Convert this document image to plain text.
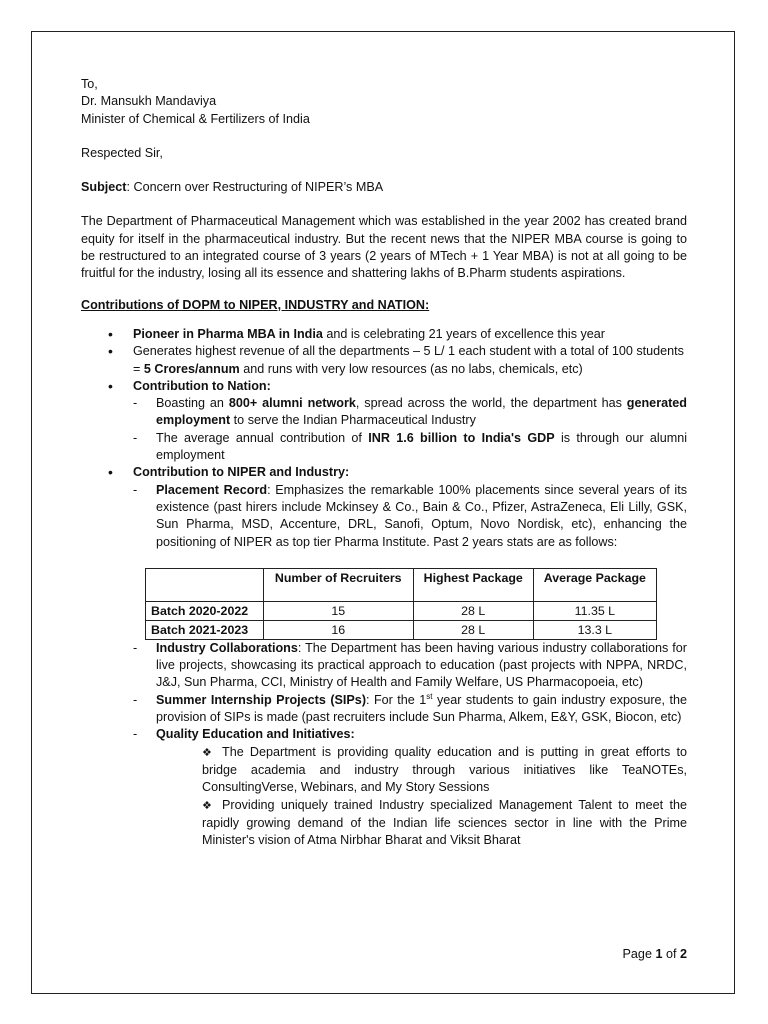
To,

Dr. Mansukh Mandaviya

Minister of Chemical & Fertilizers of India

Respected Sir,

Subject: Concern over Restructuring of NIPER’s MBA

The Department of Pharmaceutical Management which was established in the year 2002 has created brand equity for itself in the pharmaceutical industry. But the recent news that the NIPER MBA course is going to be restructured to an integrated course of 3 years (2 years of MTech + 1 Year MBA) is not at all going to be fruitful for the industry, losing all its essence and shattering lakhs of B.Pharm students aspirations.

Contributions of DOPM to NIPER, INDUSTRY and NATION:

• Pioneer in Pharma MBA in India and is celebrating 21 years of excellence this year
• Generates highest revenue of all the departments – 5 L/ 1 each student with a total of 100 students = 5 Crores/annum and runs with very low resources (as no labs, chemicals, etc)
• Contribution to Nation:
- Boasting an 800+ alumni network, spread across the world, the department has generated employment to serve the Indian Pharmaceutical Industry
- The average annual contribution of INR 1.6 billion to India's GDP is through our alumni employment
• Contribution to NIPER and Industry:
- Placement Record: Emphasizes the remarkable 100% placements since several years of its existence (past hirers include Mckinsey & Co., Bain & Co., Pfizer, AstraZeneca, Eli Lilly, GSK, Sun Pharma, MSD, Accenture, DRL, Sanofi, Optum, Novo Nordisk, etc), enhancing the positioning of NIPER as top tier Pharma Institute. Past 2 years stats are as follows:
	Number of Recruiters	Highest Package	Average Package
Batch 2020-2022	15	28 L	11.35 L
Batch 2021-2023	16	28 L	13.3 L
- Industry Collaborations: The Department has been having various industry collaborations for live projects, showcasing its practical approach to education (past projects with NPPA, NRDC, J&J, Sun Pharma, CCI, Ministry of Health and Family Welfare, US Pharmacopoeia, etc)
- Summer Internship Projects (SIPs): For the 1st year students to gain industry exposure, the provision of SIPs is made (past recruiters include Sun Pharma, Alkem, E&Y, GSK, Biocon, etc)
- Quality Education and Initiatives:
❖ The Department is providing quality education and is putting in great efforts to bridge academia and industry through various initiatives like TeaNOTEs, ConsultingVerse, Webinars, and My Story Sessions
❖ Providing uniquely trained Industry specialized Management Talent to meet the rapidly growing demand of the Indian life sciences sector in line with the Prime Minister's vision of Atma Nirbhar Bharat and Viksit Bharat
Page 1 of 2
